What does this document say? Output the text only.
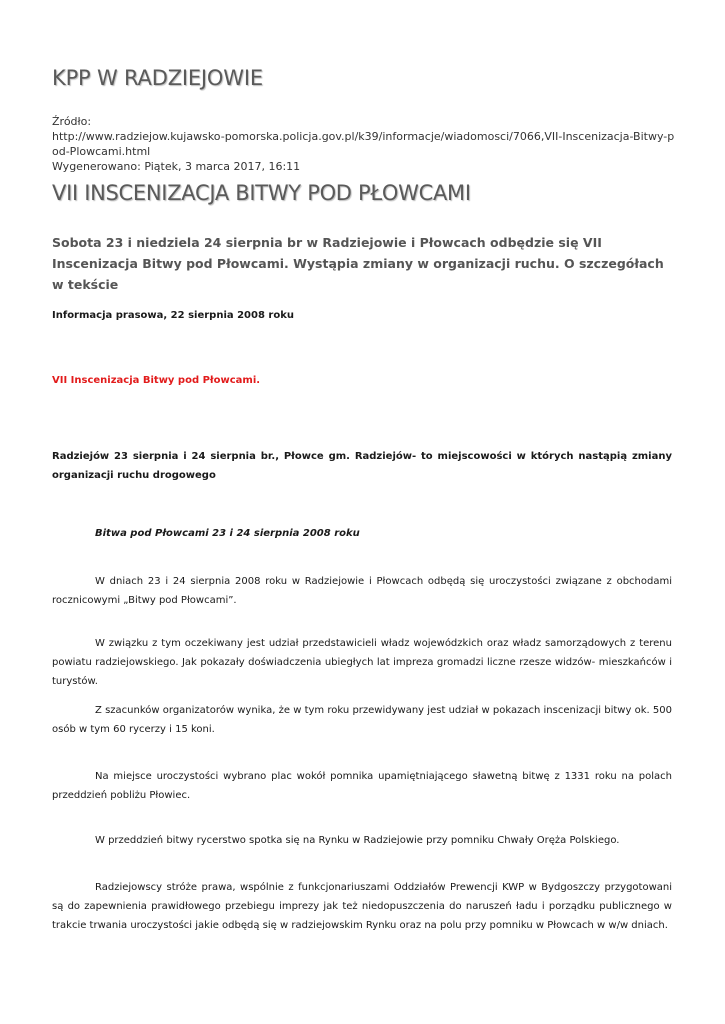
KPP W RADZIEJOWIE
Źródło:
http://www.radziejow.kujawsko-pomorska.policja.gov.pl/k39/informacje/wiadomosci/7066,VII-Inscenizacja-Bitwy-pod-Plowcami.html
Wygenerowano: Piątek, 3 marca 2017, 16:11
VII INSCENIZACJA BITWY POD PŁOWCAMI
Sobota 23 i niedziela 24 sierpnia br w Radziejowie i Płowcach odbędzie się VII Inscenizacja Bitwy pod Płowcami. Wystąpia zmiany w organizacji ruchu. O szczegółach w tekście
Informacja prasowa, 22 sierpnia 2008 roku
VII Inscenizacja Bitwy pod Płowcami.
Radziejów 23 sierpnia i 24 sierpnia br., Płowce gm. Radziejów- to miejscowości w których nastąpią zmiany organizacji ruchu drogowego
Bitwa pod Płowcami 23 i 24 sierpnia 2008 roku
W dniach 23 i 24 sierpnia 2008 roku w Radziejowie i Płowcach odbędą się uroczystości związane z obchodami rocznicowymi „Bitwy pod Płowcami”.
W związku z tym oczekiwany jest udział przedstawicieli władz wojewódzkich oraz władz samorządowych z terenu powiatu radziejowskiego. Jak pokazały doświadczenia ubiegłych lat impreza gromadzi liczne rzesze widzów- mieszkańców i turystów.
Z szacunków organizatorów wynika, że w tym roku przewidywany jest udział w pokazach inscenizacji bitwy ok. 500 osób w tym 60 rycerzy i 15 koni.
Na miejsce uroczystości wybrano plac wokół pomnika upamiętniającego sławetną bitwę z 1331 roku na polach przeddzień pobliżu Płowiec.
W przeddzień bitwy rycerstwo spotka się na Rynku w Radziejowie przy pomniku Chwały Oręża Polskiego.
Radziejowscy stróże prawa, wspólnie z funkcjonariuszami Oddziałów Prewencji KWP w Bydgoszczy przygotowani są do zapewnienia prawidłowego przebiegu imprezy jak też niedopuszczenia do naruszeń ładu i porządku publicznego w trakcie trwania uroczystości jakie odbędą się w radziejowskim Rynku oraz na polu przy pomniku w Płowcach w w/w dniach.
